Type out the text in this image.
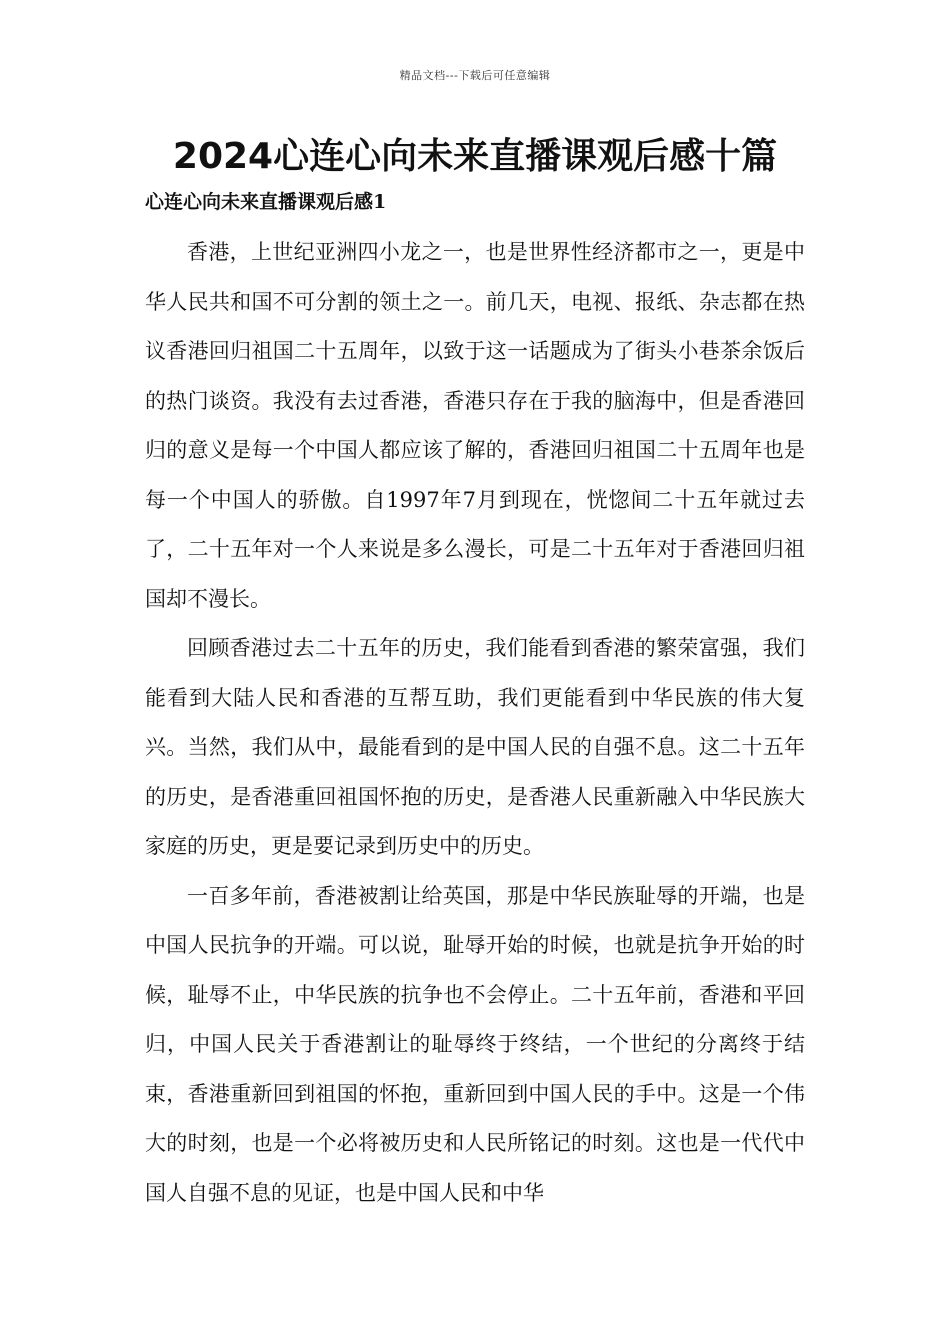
精品文档---下载后可任意编辑
2024心连心向未来直播课观后感十篇
心连心向未来直播课观后感1

香港，上世纪亚洲四小龙之一，也是世界性经济都市之一，更是中华人民共和国不可分割的领土之一。前几天，电视、报纸、杂志都在热议香港回归祖国二十五周年，以致于这一话题成为了街头小巷茶余饭后的热门谈资。我没有去过香港，香港只存在于我的脑海中，但是香港回归的意义是每一个中国人都应该了解的，香港回归祖国二十五周年也是每一个中国人的骄傲。自1997年7月到现在，恍惚间二十五年就过去了，二十五年对一个人来说是多么漫长，可是二十五年对于香港回归祖国却不漫长。

回顾香港过去二十五年的历史，我们能看到香港的繁荣富强，我们能看到大陆人民和香港的互帮互助，我们更能看到中华民族的伟大复兴。当然，我们从中，最能看到的是中国人民的自强不息。这二十五年的历史，是香港重回祖国怀抱的历史，是香港人民重新融入中华民族大家庭的历史，更是要记录到历史中的历史。

一百多年前，香港被割让给英国，那是中华民族耻辱的开端，也是中国人民抗争的开端。可以说，耻辱开始的时候，也就是抗争开始的时候，耻辱不止，中华民族的抗争也不会停止。二十五年前，香港和平回归，中国人民关于香港割让的耻辱终于终结，一个世纪的分离终于结束，香港重新回到祖国的怀抱，重新回到中国人民的手中。这是一个伟大的时刻，也是一个必将被历史和人民所铭记的时刻。这也是一代代中国人自强不息的见证，也是中国人民和中华
